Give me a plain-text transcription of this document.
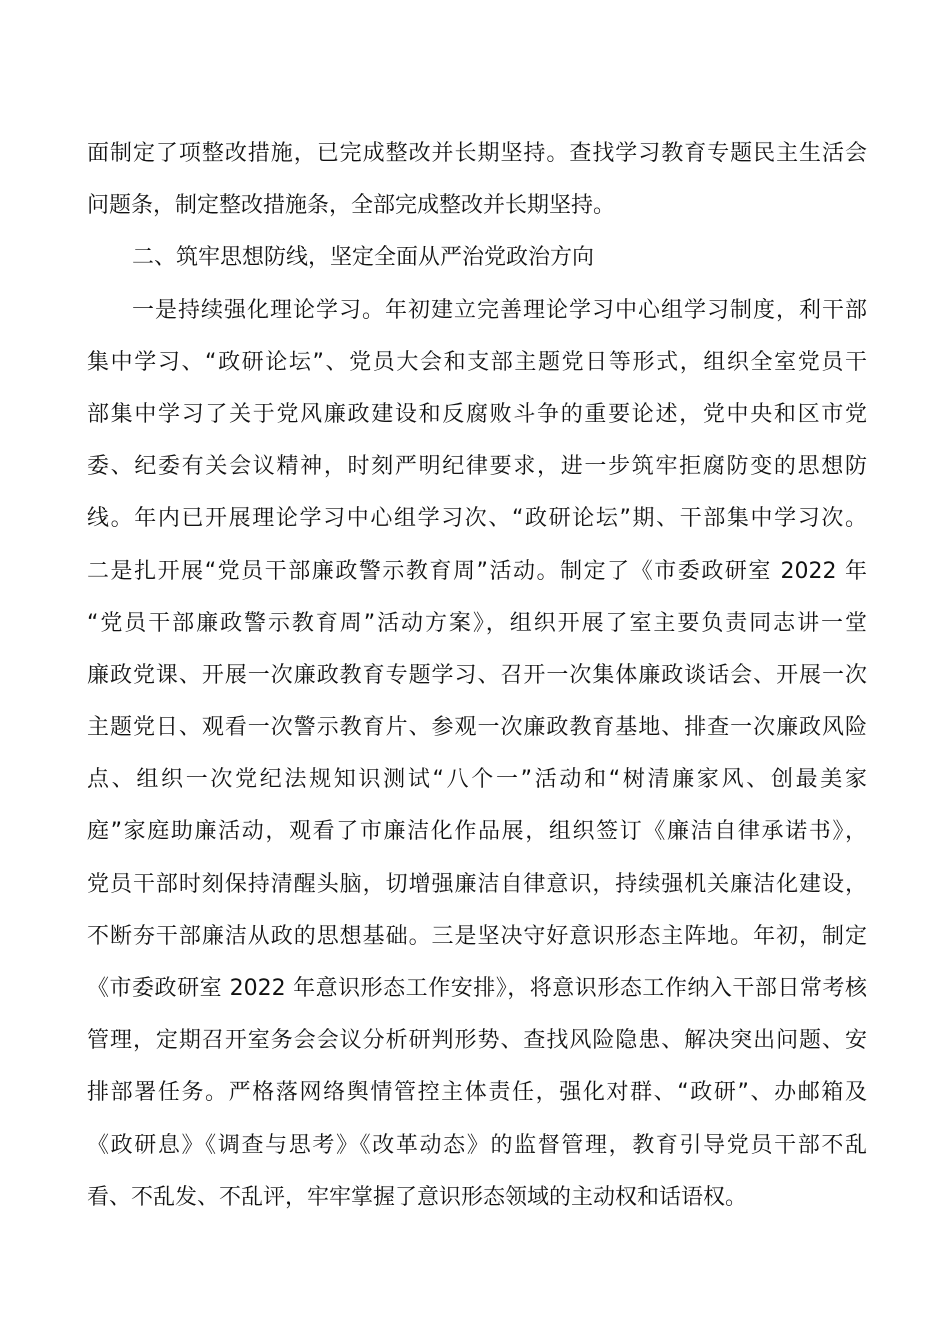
面制定了项整改措施，已完成整改并长期坚持。查找学习教育专题民主生活会
问题条，制定整改措施条，全部完成整改并长期坚持。
二、筑牢思想防线，坚定全面从严治党政治方向
一是持续强化理论学习。年初建立完善理论学习中心组学习制度，利干部
集中学习、“政研论坛”、党员大会和支部主题党日等形式，组织全室党员干
部集中学习了关于党风廉政建设和反腐败斗争的重要论述，党中央和区市党
委、纪委有关会议精神，时刻严明纪律要求，进一步筑牢拒腐防变的思想防
线。年内已开展理论学习中心组学习次、“政研论坛”期、干部集中学习次。
二是扎开展“党员干部廉政警示教育周”活动。制定了《市委政研室 2022 年
“党员干部廉政警示教育周”活动方案》，组织开展了室主要负责同志讲一堂
廉政党课、开展一次廉政教育专题学习、召开一次集体廉政谈话会、开展一次
主题党日、观看一次警示教育片、参观一次廉政教育基地、排查一次廉政风险
点、组织一次党纪法规知识测试“八个一”活动和“树清廉家风、创最美家
庭”家庭助廉活动，观看了市廉洁化作品展，组织签订《廉洁自律承诺书》，
党员干部时刻保持清醒头脑，切增强廉洁自律意识，持续强机关廉洁化建设，
不断夯干部廉洁从政的思想基础。三是坚决守好意识形态主阵地。年初，制定
《市委政研室 2022 年意识形态工作安排》，将意识形态工作纳入干部日常考核
管理，定期召开室务会会议分析研判形势、查找风险隐患、解决突出问题、安
排部署任务。严格落网络舆情管控主体责任，强化对群、“政研”、办邮箱及
《政研息》《调查与思考》《改革动态》的监督管理，教育引导党员干部不乱
看、不乱发、不乱评，牢牢掌握了意识形态领域的主动权和话语权。
